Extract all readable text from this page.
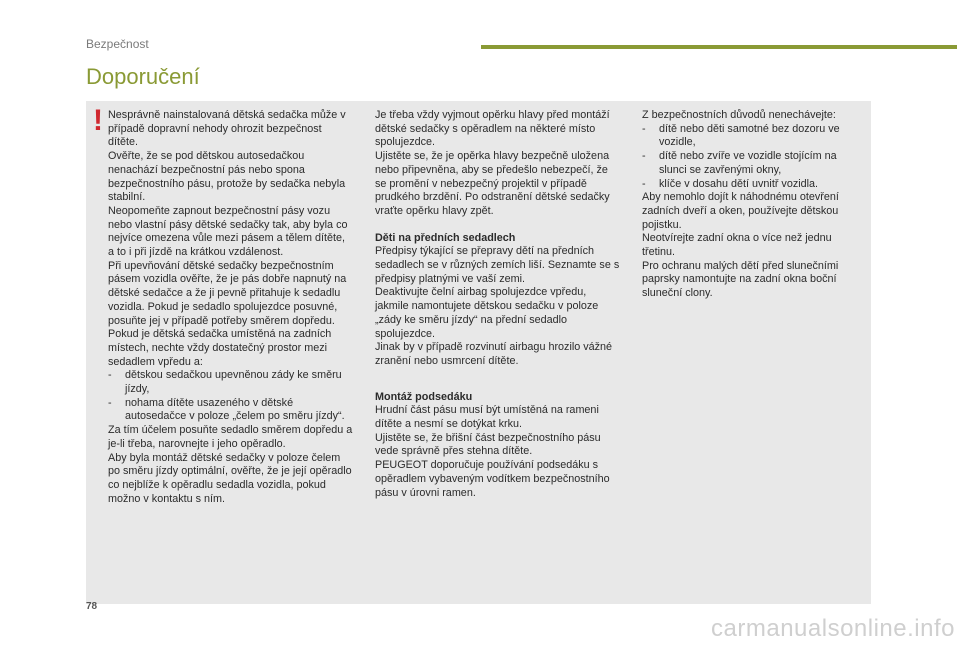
Bezpečnost
Doporučení
! Nesprávně nainstalovaná dětská sedačka může v případě dopravní nehody ohrozit bezpečnost dítěte.

Ověřte, že se pod dětskou autosedačkou nenachází bezpečnostní pás nebo spona bezpečnostního pásu, protože by sedačka nebyla stabilní.

Neopomeňte zapnout bezpečnostní pásy vozu nebo vlastní pásy dětské sedačky tak, aby byla co nejvíce omezena vůle mezi pásem a tělem dítěte, a to i při jízdě na krátkou vzdálenost.

Při upevňování dětské sedačky bezpečnostním pásem vozidla ověřte, že je pás dobře napnutý na dětské sedačce a že ji pevně přitahuje k sedadlu vozidla. Pokud je sedadlo spolujezdce posuvné, posuňte jej v případě potřeby směrem dopředu.

Pokud je dětská sedačka umístěná na zadních místech, nechte vždy dostatečný prostor mezi sedadlem vpředu a:

- dětskou sedačkou upevněnou zády ke směru jízdy,
- nohama dítěte usazeného v dětské autosedačce v poloze „čelem po směru jízdy“.

Za tím účelem posuňte sedadlo směrem dopředu a je-li třeba, narovnejte i jeho opěradlo.

Aby byla montáž dětské sedačky v poloze čelem po směru jízdy optimální, ověřte, že je její opěradlo co nejblíže k opěradlu sedadla vozidla, pokud možno v kontaktu s ním.

Je třeba vždy vyjmout opěrku hlavy před montáží dětské sedačky s opěradlem na některé místo spolujezdce.

Ujistěte se, že je opěrka hlavy bezpečně uložena nebo připevněna, aby se předešlo nebezpečí, že se promění v nebezpečný projektil v případě prudkého brzdění. Po odstranění dětské sedačky vraťte opěrku hlavy zpět.

Děti na předních sedadlech

Předpisy týkající se přepravy dětí na předních sedadlech se v různých zemích liší. Seznamte se s předpisy platnými ve vaší zemi.

Deaktivujte čelní airbag spolujezdce vpředu, jakmile namontujete dětskou sedačku v poloze „zády ke směru jízdy“ na přední sedadlo spolujezdce.

Jinak by v případě rozvinutí airbagu hrozilo vážné zranění nebo usmrcení dítěte.

Montáž podsedáku

Hrudní část pásu musí být umístěná na rameni dítěte a nesmí se dotýkat krku.

Ujistěte se, že břišní část bezpečnostního pásu vede správně přes stehna dítěte.

PEUGEOT doporučuje používání podsedáku s opěradlem vybaveným vodítkem bezpečnostního pásu v úrovni ramen.

Z bezpečnostních důvodů nenechávejte:

- dítě nebo děti samotné bez dozoru ve vozidle,
- dítě nebo zvíře ve vozidle stojícím na slunci se zavřenými okny,
- klíče v dosahu dětí uvnitř vozidla.

Aby nemohlo dojít k náhodnému otevření zadních dveří a oken, používejte dětskou pojistku.

Neotvírejte zadní okna o více než jednu třetinu.

Pro ochranu malých dětí před slunečními paprsky namontujte na zadní okna boční sluneční clony.

78
carmanualsonline.info
